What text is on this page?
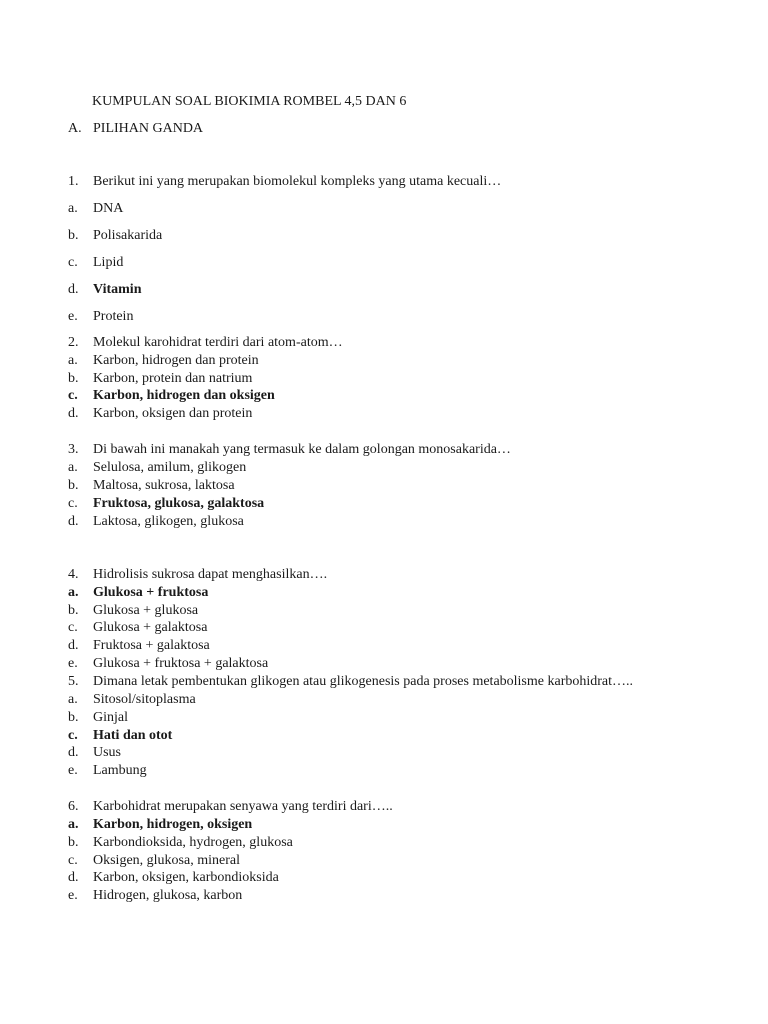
KUMPULAN SOAL BIOKIMIA ROMBEL 4,5 DAN 6
A. PILIHAN GANDA
1. Berikut ini yang merupakan biomolekul kompleks yang utama kecuali…
a. DNA
b. Polisakarida
c. Lipid
d. Vitamin
e. Protein
2. Molekul karohidrat terdiri dari atom-atom…
a. Karbon, hidrogen dan protein
b. Karbon, protein dan natrium
c. Karbon, hidrogen dan oksigen
d. Karbon, oksigen dan protein
3. Di bawah ini manakah yang termasuk ke dalam golongan monosakarida…
a. Selulosa, amilum, glikogen
b. Maltosa, sukrosa, laktosa
c. Fruktosa, glukosa, galaktosa
d. Laktosa, glikogen, glukosa
4. Hidrolisis sukrosa dapat menghasilkan….
a. Glukosa + fruktosa
b. Glukosa + glukosa
c. Glukosa + galaktosa
d. Fruktosa + galaktosa
e. Glukosa + fruktosa + galaktosa
5. Dimana letak pembentukan glikogen atau glikogenesis pada proses metabolisme karbohidrat…..
a. Sitosol/sitoplasma
b. Ginjal
c. Hati dan otot
d. Usus
e. Lambung
6. Karbohidrat merupakan senyawa yang terdiri dari…..
a. Karbon, hidrogen, oksigen
b. Karbondioksida, hydrogen, glukosa
c. Oksigen, glukosa, mineral
d. Karbon, oksigen, karbondioksida
e. Hidrogen, glukosa, karbon
